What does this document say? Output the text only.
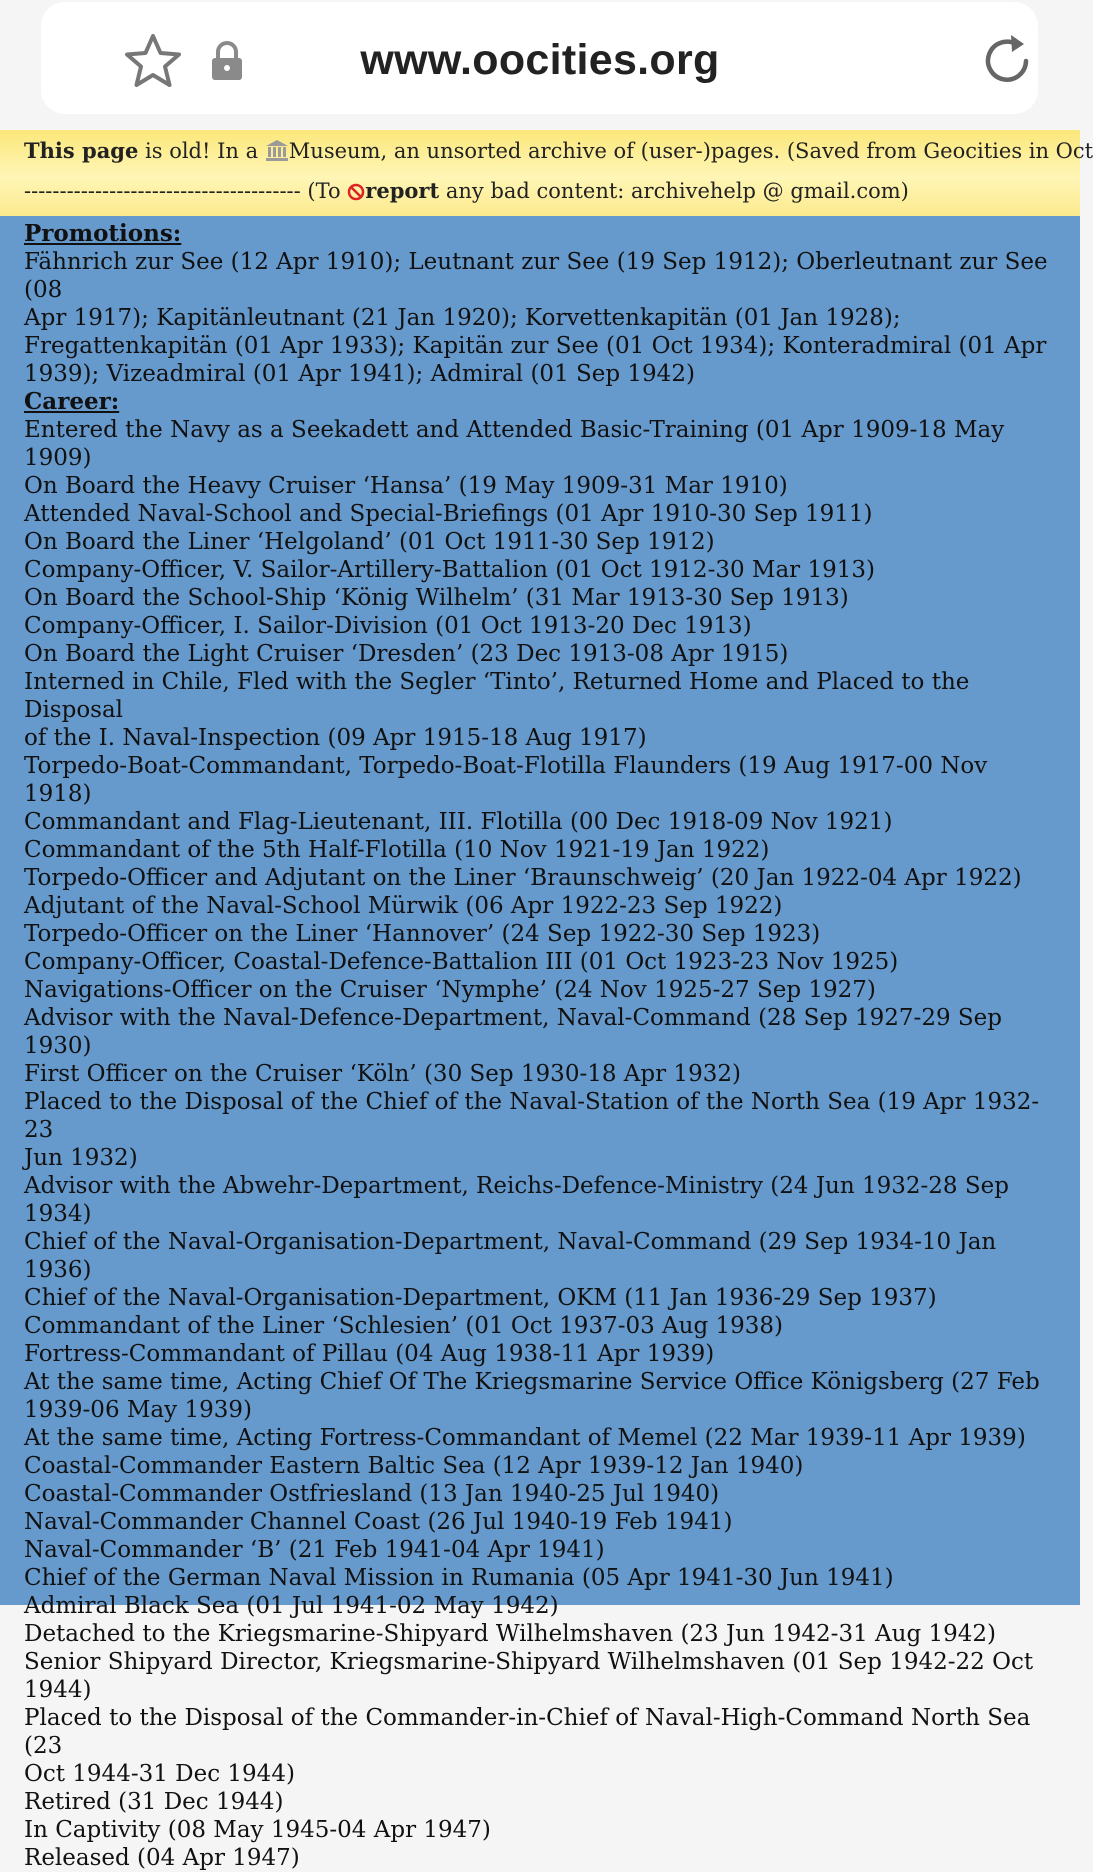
www.oocities.org
This page is old! In a Museum, an unsorted archive of (user-)pages. (Saved from Geocities in Oct
--------------------------------------- (To report any bad content: archivehelp @ gmail.com)
Promotions:
Fähnrich zur See (12 Apr 1910); Leutnant zur See (19 Sep 1912); Oberleutnant zur See (08
Apr 1917); Kapitänleutnant (21 Jan 1920); Korvettenkapitän (01 Jan 1928);
Fregattenkapitän (01 Apr 1933); Kapitän zur See (01 Oct 1934); Konteradmiral (01 Apr
1939); Vizeadmiral (01 Apr 1941); Admiral (01 Sep 1942)
Career:
Entered the Navy as a Seekadett and Attended Basic-Training (01 Apr 1909-18 May 1909)
On Board the Heavy Cruiser ‘Hansa’ (19 May 1909-31 Mar 1910)
Attended Naval-School and Special-Briefings (01 Apr 1910-30 Sep 1911)
On Board the Liner ‘Helgoland’ (01 Oct 1911-30 Sep 1912)
Company-Officer, V. Sailor-Artillery-Battalion (01 Oct 1912-30 Mar 1913)
On Board the School-Ship ‘König Wilhelm’ (31 Mar 1913-30 Sep 1913)
Company-Officer, I. Sailor-Division (01 Oct 1913-20 Dec 1913)
On Board the Light Cruiser ‘Dresden’ (23 Dec 1913-08 Apr 1915)
Interned in Chile, Fled with the Segler ‘Tinto’, Returned Home and Placed to the Disposal
of the I. Naval-Inspection (09 Apr 1915-18 Aug 1917)
Torpedo-Boat-Commandant, Torpedo-Boat-Flotilla Flaunders (19 Aug 1917-00 Nov 1918)
Commandant and Flag-Lieutenant, III. Flotilla (00 Dec 1918-09 Nov 1921)
Commandant of the 5th Half-Flotilla (10 Nov 1921-19 Jan 1922)
Torpedo-Officer and Adjutant on the Liner ‘Braunschweig’ (20 Jan 1922-04 Apr 1922)
Adjutant of the Naval-School Mürwik (06 Apr 1922-23 Sep 1922)
Torpedo-Officer on the Liner ‘Hannover’ (24 Sep 1922-30 Sep 1923)
Company-Officer, Coastal-Defence-Battalion III (01 Oct 1923-23 Nov 1925)
Navigations-Officer on the Cruiser ‘Nymphe’ (24 Nov 1925-27 Sep 1927)
Advisor with the Naval-Defence-Department, Naval-Command (28 Sep 1927-29 Sep 1930)
First Officer on the Cruiser ‘Köln’ (30 Sep 1930-18 Apr 1932)
Placed to the Disposal of the Chief of the Naval-Station of the North Sea (19 Apr 1932-23
Jun 1932)
Advisor with the Abwehr-Department, Reichs-Defence-Ministry (24 Jun 1932-28 Sep 1934)
Chief of the Naval-Organisation-Department, Naval-Command (29 Sep 1934-10 Jan 1936)
Chief of the Naval-Organisation-Department, OKM (11 Jan 1936-29 Sep 1937)
Commandant of the Liner ‘Schlesien’ (01 Oct 1937-03 Aug 1938)
Fortress-Commandant of Pillau (04 Aug 1938-11 Apr 1939)
At the same time, Acting Chief Of The Kriegsmarine Service Office Königsberg (27 Feb
1939-06 May 1939)
At the same time, Acting Fortress-Commandant of Memel (22 Mar 1939-11 Apr 1939)
Coastal-Commander Eastern Baltic Sea (12 Apr 1939-12 Jan 1940)
Coastal-Commander Ostfriesland (13 Jan 1940-25 Jul 1940)
Naval-Commander Channel Coast (26 Jul 1940-19 Feb 1941)
Naval-Commander ‘B’ (21 Feb 1941-04 Apr 1941)
Chief of the German Naval Mission in Rumania (05 Apr 1941-30 Jun 1941)
Admiral Black Sea (01 Jul 1941-02 May 1942)
Detached to the Kriegsmarine-Shipyard Wilhelmshaven (23 Jun 1942-31 Aug 1942)
Senior Shipyard Director, Kriegsmarine-Shipyard Wilhelmshaven (01 Sep 1942-22 Oct
1944)
Placed to the Disposal of the Commander-in-Chief of Naval-High-Command North Sea (23
Oct 1944-31 Dec 1944)
Retired (31 Dec 1944)
In Captivity (08 May 1945-04 Apr 1947)
Released (04 Apr 1947)
